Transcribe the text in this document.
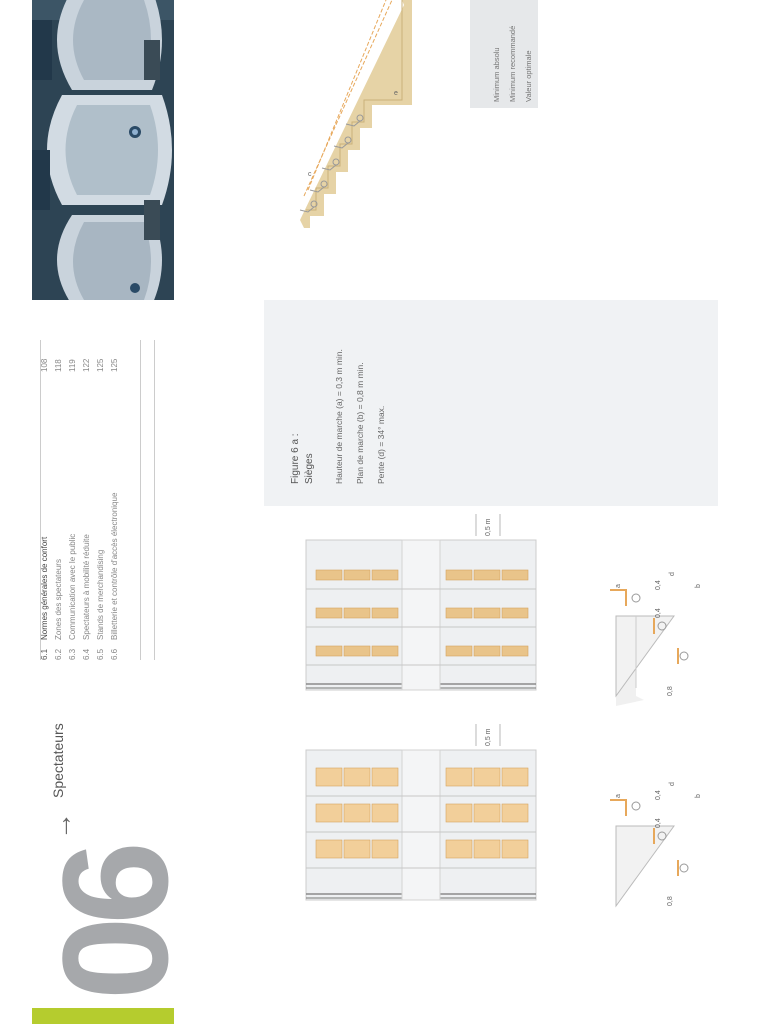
06
→
Spectateurs
6.1    Normes générales de confort
108
6.2    Zones des spectateurs
118
6.3    Communication avec le public
119
6.4    Spectateurs à mobilité réduite
122
6.5    Stands de merchandising
125
6.6    Billetterie et contrôle d'accès électronique
125
e
c
Minimum absolu Minimum recommandé Valeur optimale
Figure 6 a : Sièges Hauteur de marche (a) = 0,3 m min. Plan de marche (b) = 0,8 m min. Pente (d) = 34° max.
0,5 m
a
0,4
0,4	b
d
0,8
0,5 m
a
0,4
0,4	b
d
0,8
